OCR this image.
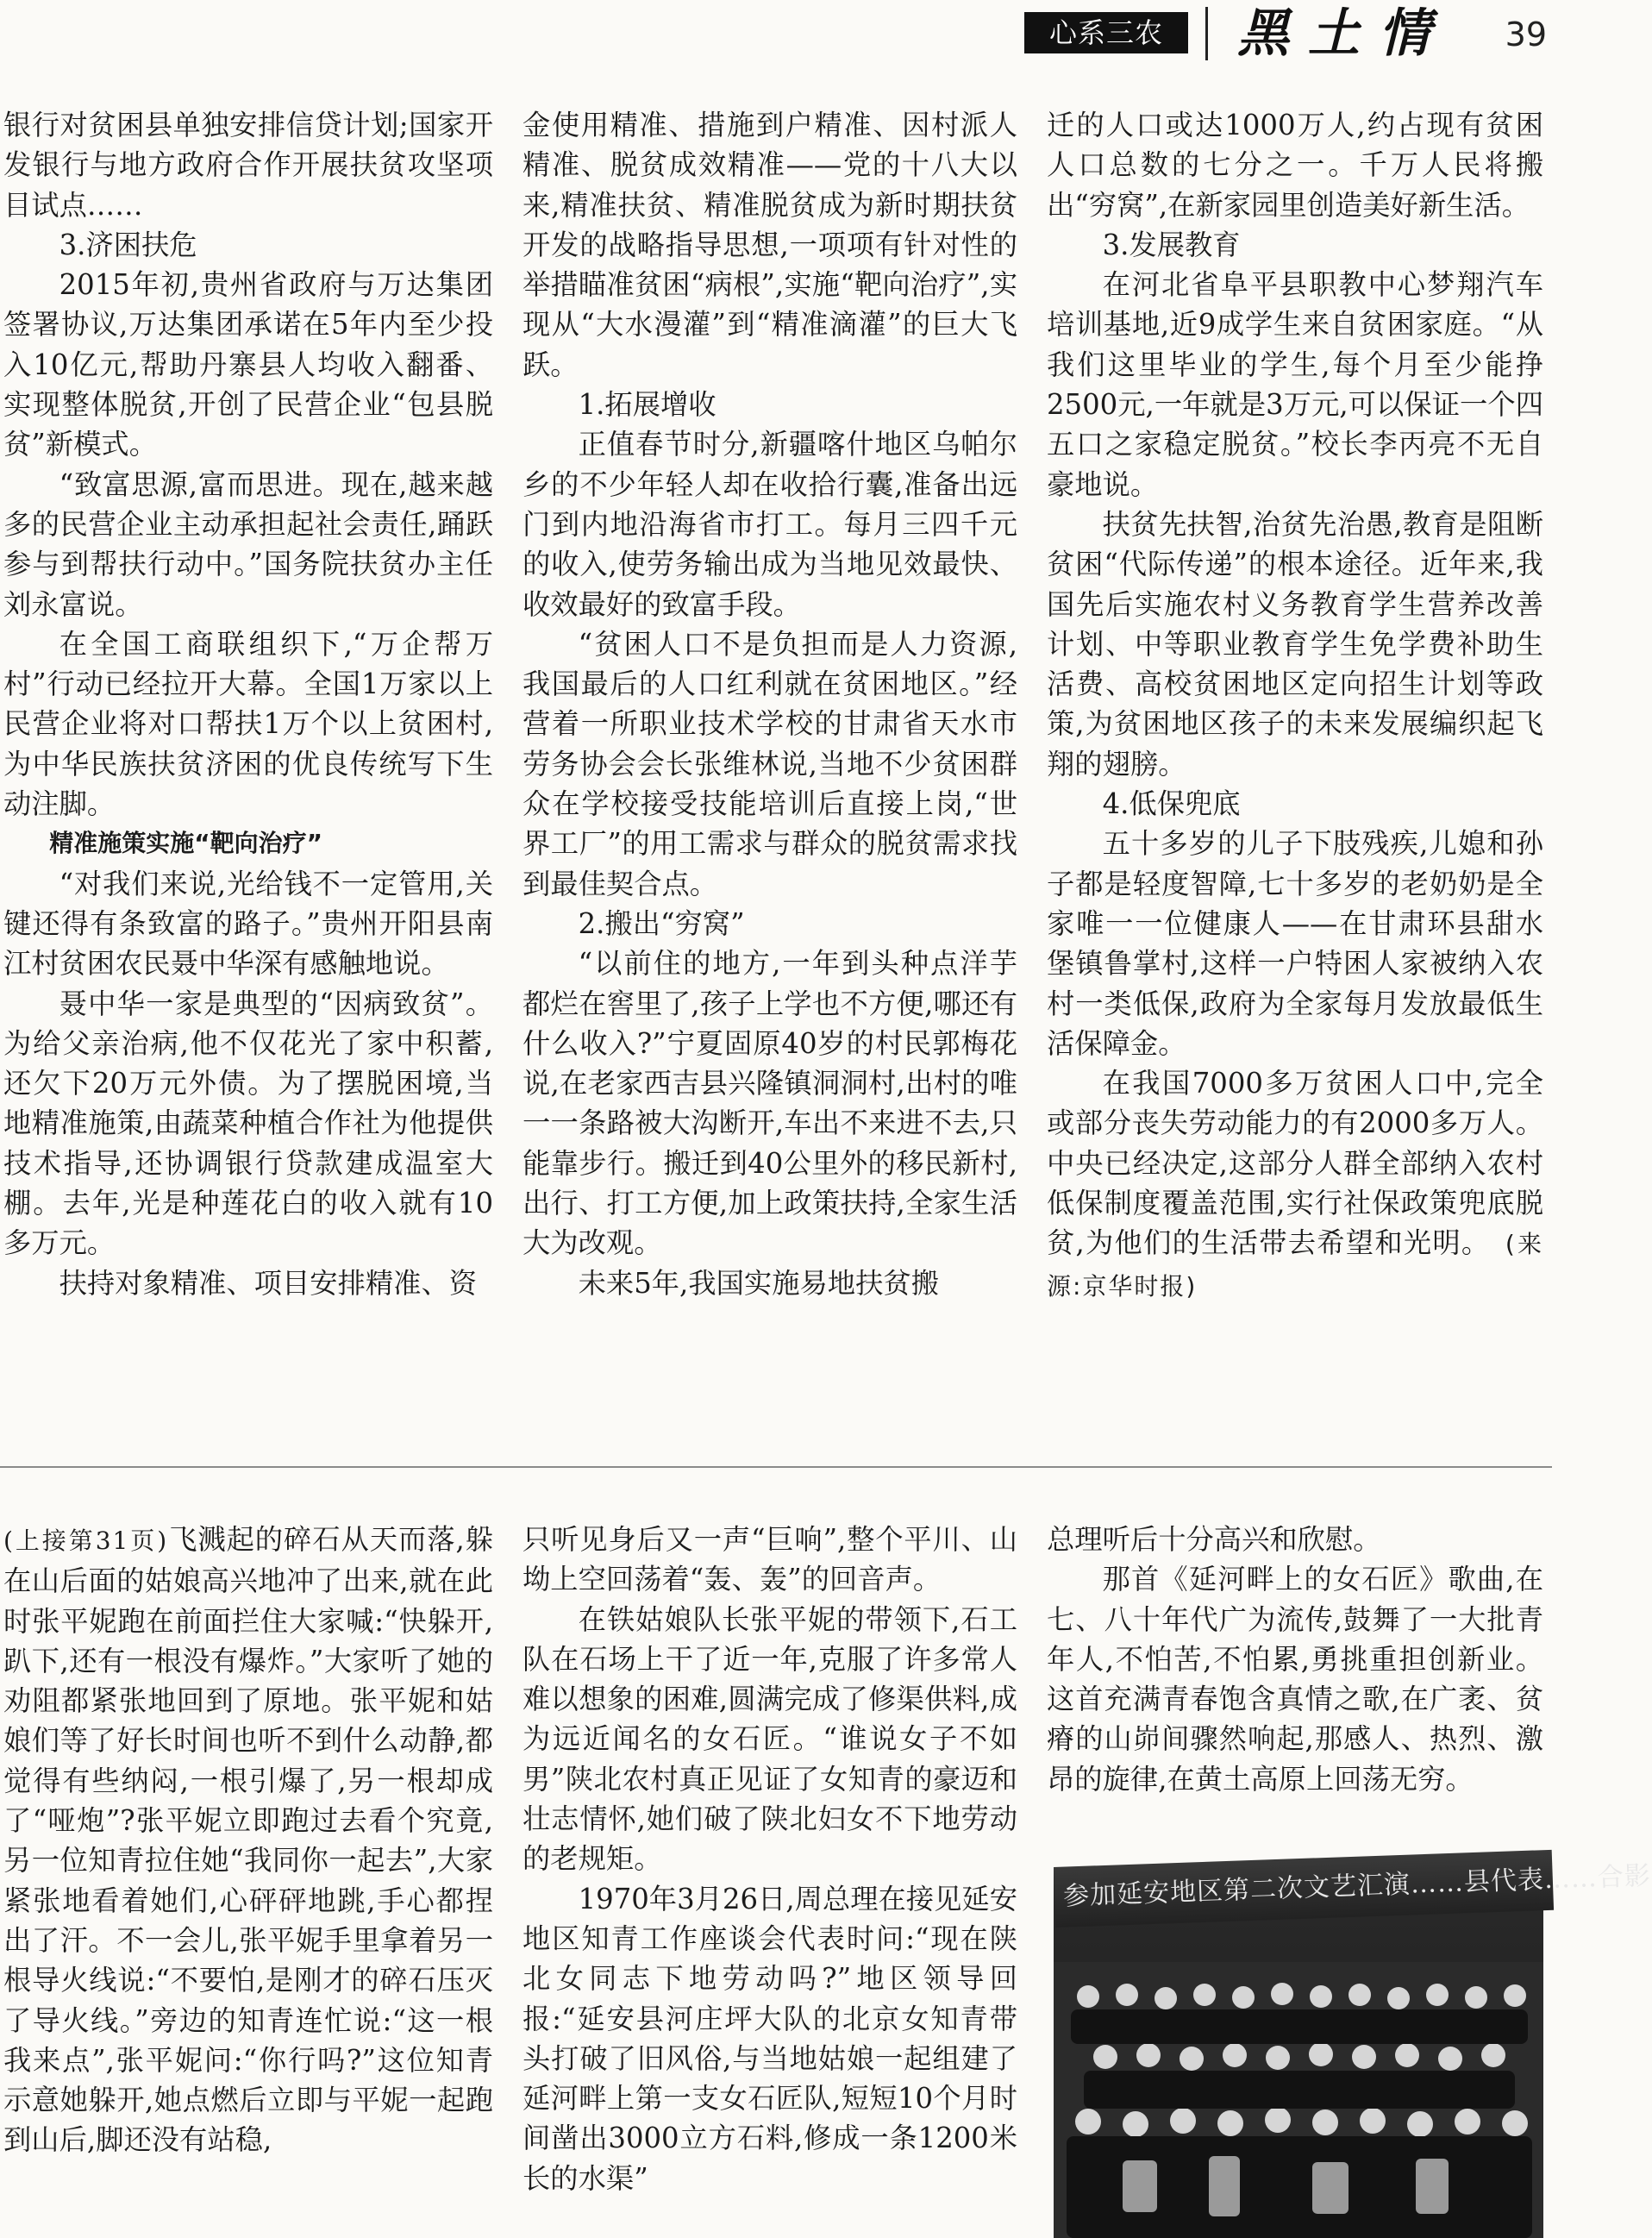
心系三农	黑土情 39

银行对贫困县单独安排信贷计划;国家开发银行与地方政府合作开展扶贫攻坚项目试点……

3.济困扶危

2015年初,贵州省政府与万达集团签署协议,万达集团承诺在5年内至少投入10亿元,帮助丹寨县人均收入翻番、实现整体脱贫,开创了民营企业“包县脱贫”新模式。

“致富思源,富而思进。现在,越来越多的民营企业主动承担起社会责任,踊跃参与到帮扶行动中。”国务院扶贫办主任刘永富说。

在全国工商联组织下,“万企帮万村”行动已经拉开大幕。全国1万家以上民营企业将对口帮扶1万个以上贫困村,为中华民族扶贫济困的优良传统写下生动注脚。

精准施策实施“靶向治疗”

“对我们来说,光给钱不一定管用,关键还得有条致富的路子。”贵州开阳县南江村贫困农民聂中华深有感触地说。

聂中华一家是典型的“因病致贫”。为给父亲治病,他不仅花光了家中积蓄,还欠下20万元外债。为了摆脱困境,当地精准施策,由蔬菜种植合作社为他提供技术指导,还协调银行贷款建成温室大棚。去年,光是种莲花白的收入就有10多万元。

扶持对象精准、项目安排精准、资

金使用精准、措施到户精准、因村派人精准、脱贫成效精准——党的十八大以来,精准扶贫、精准脱贫成为新时期扶贫开发的战略指导思想,一项项有针对性的举措瞄准贫困“病根”,实施“靶向治疗”,实现从“大水漫灌”到“精准滴灌”的巨大飞跃。

1.拓展增收

正值春节时分,新疆喀什地区乌帕尔乡的不少年轻人却在收拾行囊,准备出远门到内地沿海省市打工。每月三四千元的收入,使劳务输出成为当地见效最快、收效最好的致富手段。

“贫困人口不是负担而是人力资源,我国最后的人口红利就在贫困地区。”经营着一所职业技术学校的甘肃省天水市劳务协会会长张维林说,当地不少贫困群众在学校接受技能培训后直接上岗,“世界工厂”的用工需求与群众的脱贫需求找到最佳契合点。

2.搬出“穷窝”

“以前住的地方,一年到头种点洋芋都烂在窖里了,孩子上学也不方便,哪还有什么收入?”宁夏固原40岁的村民郭梅花说,在老家西吉县兴隆镇洞洞村,出村的唯一一条路被大沟断开,车出不来进不去,只能靠步行。搬迁到40公里外的移民新村,出行、打工方便,加上政策扶持,全家生活大为改观。

未来5年,我国实施易地扶贫搬

迁的人口或达1000万人,约占现有贫困人口总数的七分之一。千万人民将搬出“穷窝”,在新家园里创造美好新生活。

3.发展教育

在河北省阜平县职教中心梦翔汽车培训基地,近9成学生来自贫困家庭。“从我们这里毕业的学生,每个月至少能挣2500元,一年就是3万元,可以保证一个四五口之家稳定脱贫。”校长李丙亮不无自豪地说。

扶贫先扶智,治贫先治愚,教育是阻断贫困“代际传递”的根本途径。近年来,我国先后实施农村义务教育学生营养改善计划、中等职业教育学生免学费补助生活费、高校贫困地区定向招生计划等政策,为贫困地区孩子的未来发展编织起飞翔的翅膀。

4.低保兜底

五十多岁的儿子下肢残疾,儿媳和孙子都是轻度智障,七十多岁的老奶奶是全家唯一一位健康人——在甘肃环县甜水堡镇鲁掌村,这样一户特困人家被纳入农村一类低保,政府为全家每月发放最低生活保障金。

在我国7000多万贫困人口中,完全或部分丧失劳动能力的有2000多万人。中央已经决定,这部分人群全部纳入农村低保制度覆盖范围,实行社保政策兜底脱贫,为他们的生活带去希望和光明。　 (来源:京华时报)

(上接第31页)飞溅起的碎石从天而落,躲在山后面的姑娘高兴地冲了出来,就在此时张平妮跑在前面拦住大家喊:“快躲开,趴下,还有一根没有爆炸。”大家听了她的劝阻都紧张地回到了原地。张平妮和姑娘们等了好长时间也听不到什么动静,都觉得有些纳闷,一根引爆了,另一根却成了“哑炮”?张平妮立即跑过去看个究竟,另一位知青拉住她“我同你一起去”,大家紧张地看着她们,心砰砰地跳,手心都捏出了汗。不一会儿,张平妮手里拿着另一根导火线说:“不要怕,是刚才的碎石压灭了导火线。”旁边的知青连忙说:“这一根我来点”,张平妮问:“你行吗?”这位知青示意她躲开,她点燃后立即与平妮一起跑到山后,脚还没有站稳,

只听见身后又一声“巨响”,整个平川、山坳上空回荡着“轰、轰”的回音声。

在铁姑娘队长张平妮的带领下,石工队在石场上干了近一年,克服了许多常人难以想象的困难,圆满完成了修渠供料,成为远近闻名的女石匠。“谁说女子不如男”陕北农村真正见证了女知青的豪迈和壮志情怀,她们破了陕北妇女不下地劳动的老规矩。

1970年3月26日,周总理在接见延安地区知青工作座谈会代表时问:“现在陕北女同志下地劳动吗?”地区领导回报:“延安县河庄坪大队的北京女知青带头打破了旧风俗,与当地姑娘一起组建了延河畔上第一支女石匠队,短短10个月时间凿出3000立方石料,修成一条1200米长的水渠”

总理听后十分高兴和欣慰。

那首《延河畔上的女石匠》歌曲,在七、八十年代广为流传,鼓舞了一大批青年人,不怕苦,不怕累,勇挑重担创新业。这首充满青春饱含真情之歌,在广袤、贫瘠的山峁间骤然响起,那感人、热烈、激昂的旋律,在黄土高原上回荡无穷。

参加延安地区第二次文艺汇演……县代表……合影
